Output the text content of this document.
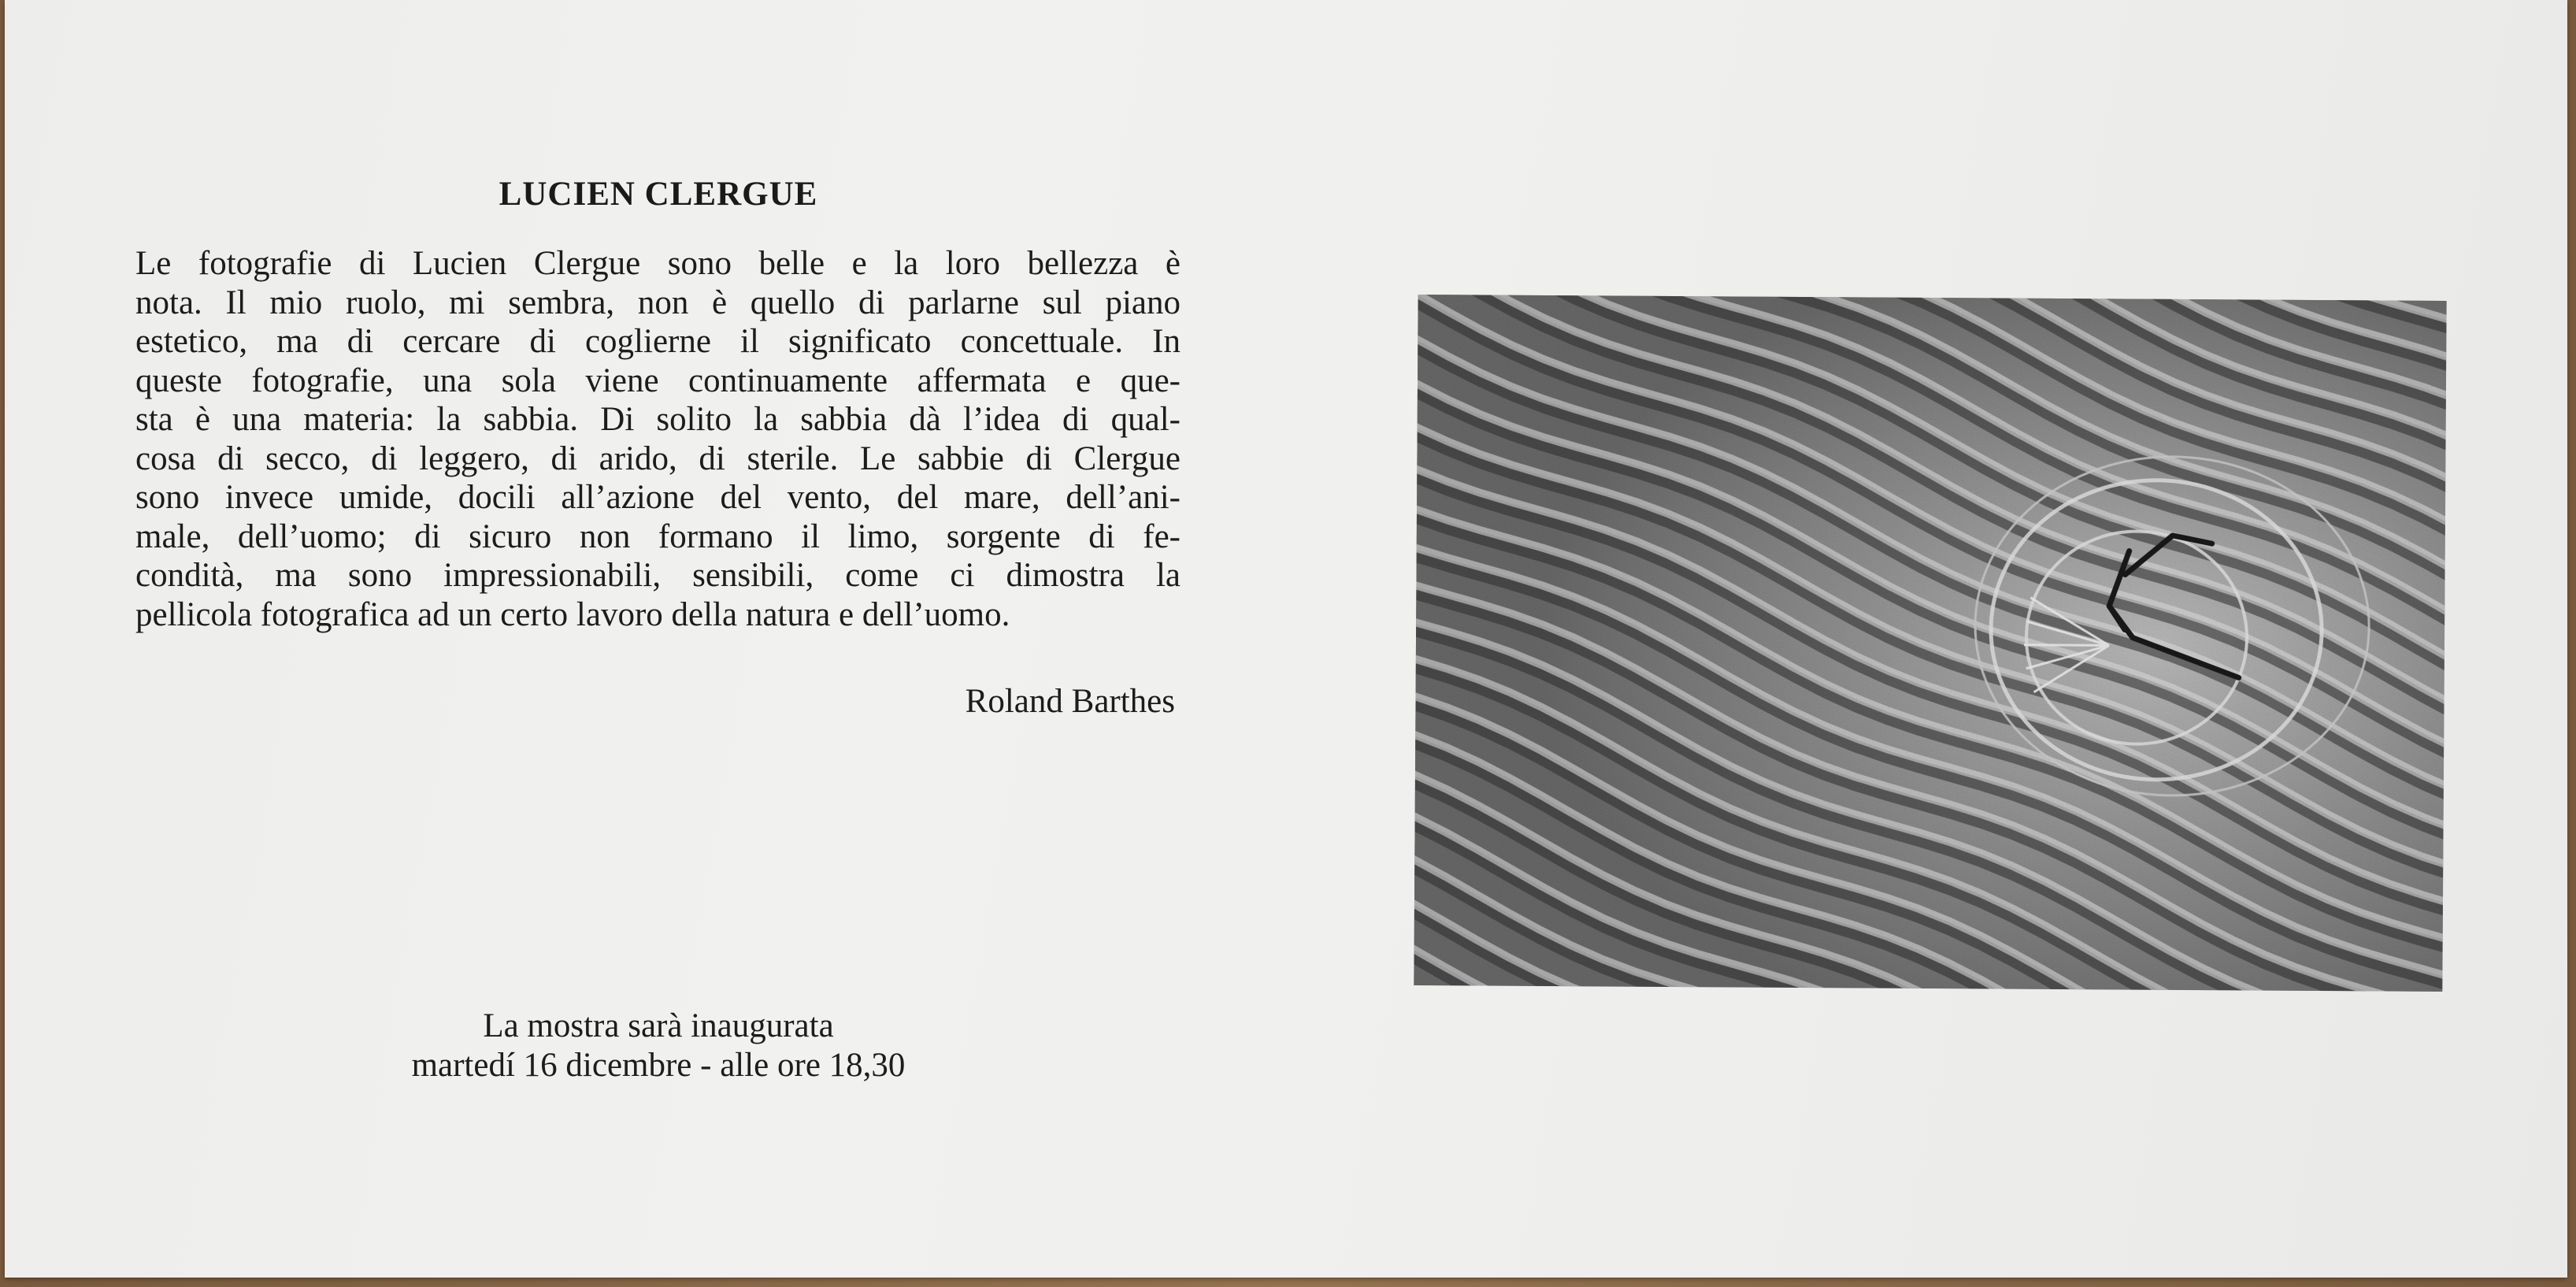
LUCIEN CLERGUE

Le fotografie di Lucien Clergue sono belle e la loro bellezza è
nota. Il mio ruolo, mi sembra, non è quello di parlarne sul piano
estetico, ma di cercare di coglierne il significato concettuale. In
queste fotografie, una sola viene continuamente affermata e que-
sta è una materia: la sabbia. Di solito la sabbia dà l’idea di qual-
cosa di secco, di leggero, di arido, di sterile. Le sabbie di Clergue
sono invece umide, docili all’azione del vento, del mare, dell’ani-
male, dell’uomo; di sicuro non formano il limo, sorgente di fe-
condità, ma sono impressionabili, sensibili, come ci dimostra la
pellicola fotografica ad un certo lavoro della natura e dell’uomo.

Roland Barthes

La mostra sarà inaugurata
martedí 16 dicembre - alle ore 18,30
